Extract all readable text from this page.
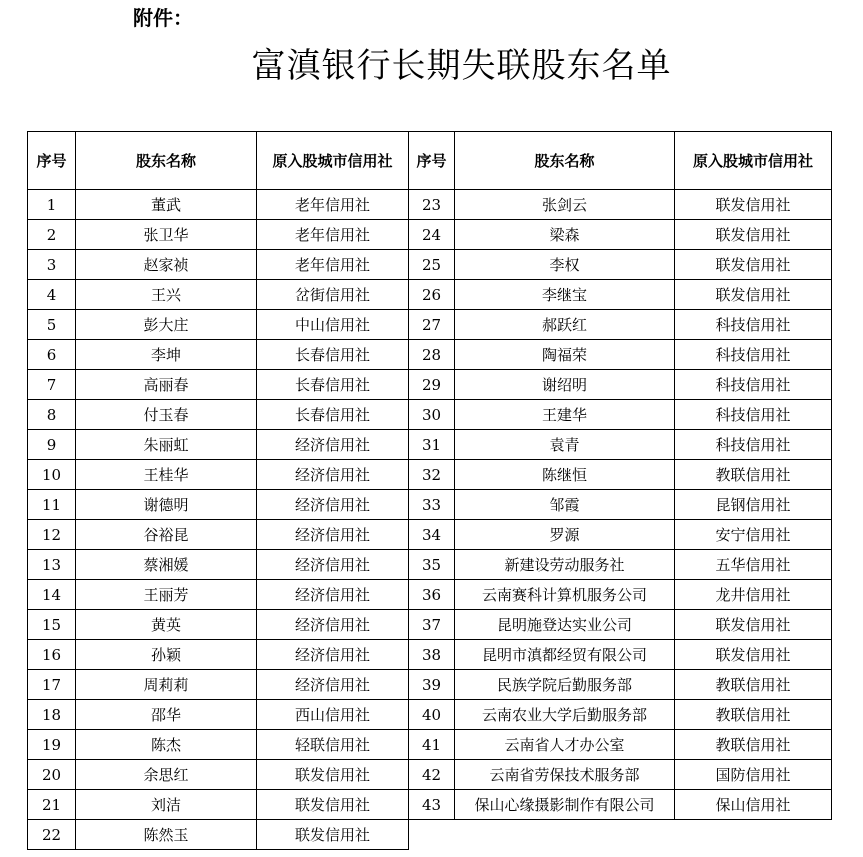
附件：
富滇银行长期失联股东名单
序号	股东名称	原入股城市信用社
1	董武	老年信用社
2	张卫华	老年信用社
3	赵家祯	老年信用社
4	王兴	岔街信用社
5	彭大庄	中山信用社
6	李坤	长春信用社
7	高丽春	长春信用社
8	付玉春	长春信用社
9	朱丽虹	经济信用社
10	王桂华	经济信用社
11	谢德明	经济信用社
12	谷裕昆	经济信用社
13	蔡湘媛	经济信用社
14	王丽芳	经济信用社
15	黄英	经济信用社
16	孙颖	经济信用社
17	周莉莉	经济信用社
18	邵华	西山信用社
19	陈杰	轻联信用社
20	余思红	联发信用社
21	刘洁	联发信用社
22	陈然玉	联发信用社
序号	股东名称	原入股城市信用社
23	张剑云	联发信用社
24	梁森	联发信用社
25	李权	联发信用社
26	李继宝	联发信用社
27	郝跃红	科技信用社
28	陶福荣	科技信用社
29	谢绍明	科技信用社
30	王建华	科技信用社
31	袁青	科技信用社
32	陈继恒	教联信用社
33	邹霞	昆钢信用社
34	罗源	安宁信用社
35	新建设劳动服务社	五华信用社
36	云南赛科计算机服务公司	龙井信用社
37	昆明施登达实业公司	联发信用社
38	昆明市滇都经贸有限公司	联发信用社
39	民族学院后勤服务部	教联信用社
40	云南农业大学后勤服务部	教联信用社
41	云南省人才办公室	教联信用社
42	云南省劳保技术服务部	国防信用社
43	保山心缘摄影制作有限公司	保山信用社
